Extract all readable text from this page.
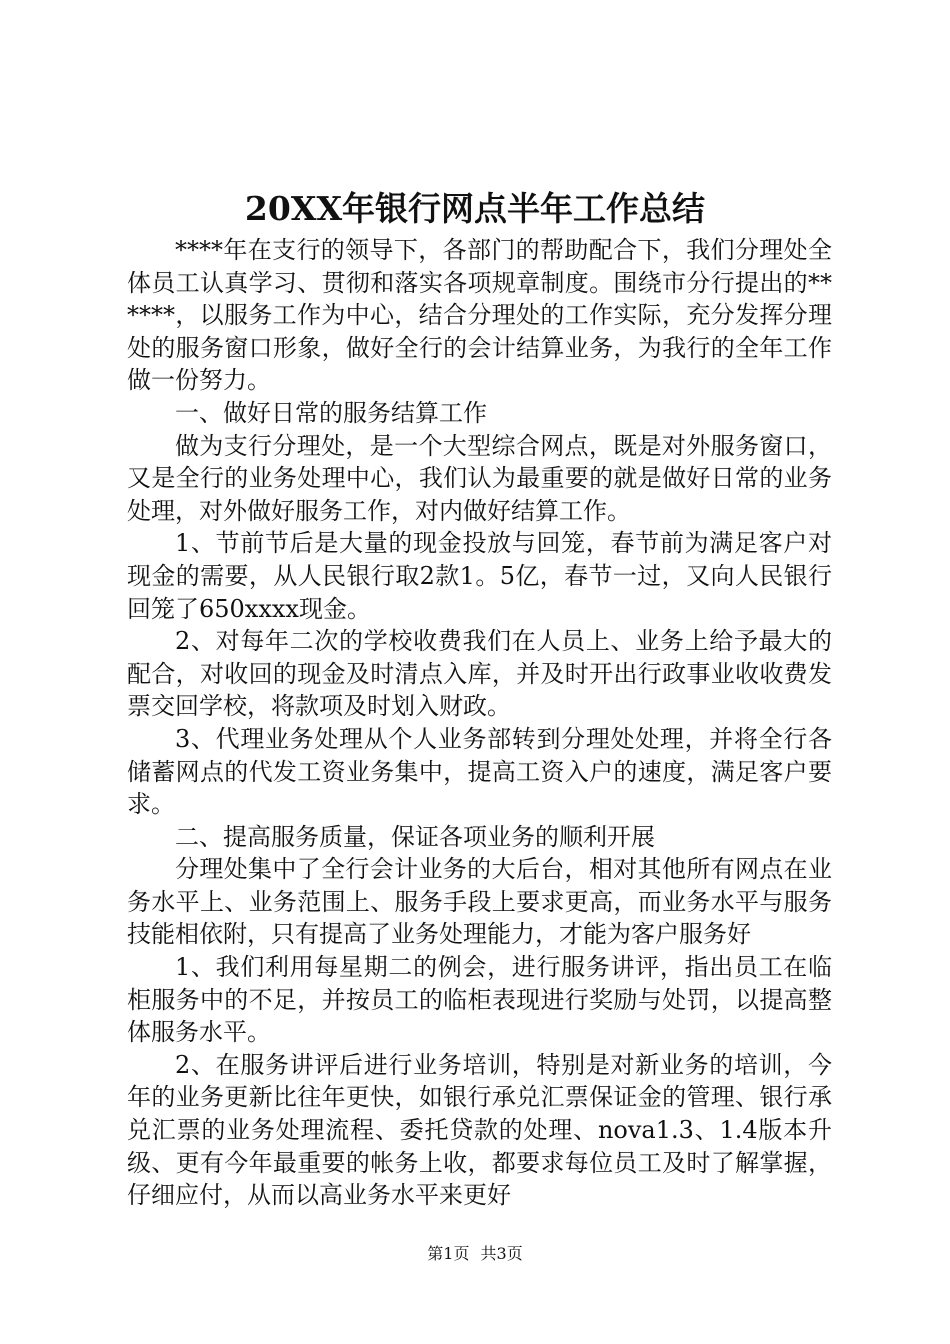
20XX年银行网点半年工作总结

****年在支行的领导下，各部门的帮助配合下，我们分理处全体员工认真学习、贯彻和落实各项规章制度。围绕市分行提出的******，以服务工作为中心，结合分理处的工作实际，充分发挥分理处的服务窗口形象，做好全行的会计结算业务，为我行的全年工作做一份努力。

一、做好日常的服务结算工作

做为支行分理处，是一个大型综合网点，既是对外服务窗口，又是全行的业务处理中心，我们认为最重要的就是做好日常的业务处理，对外做好服务工作，对内做好结算工作。

1、节前节后是大量的现金投放与回笼，春节前为满足客户对现金的需要，从人民银行取2款1。5亿，春节一过，又向人民银行回笼了650xxxx现金。

2、对每年二次的学校收费我们在人员上、业务上给予最大的配合，对收回的现金及时清点入库，并及时开出行政事业收收费发票交回学校，将款项及时划入财政。

3、代理业务处理从个人业务部转到分理处处理，并将全行各储蓄网点的代发工资业务集中，提高工资入户的速度，满足客户要求。

二、提高服务质量，保证各项业务的顺利开展

分理处集中了全行会计业务的大后台，相对其他所有网点在业务水平上、业务范围上、服务手段上要求更高，而业务水平与服务技能相依附，只有提高了业务处理能力，才能为客户服务好

1、我们利用每星期二的例会，进行服务讲评，指出员工在临柜服务中的不足，并按员工的临柜表现进行奖励与处罚，以提高整体服务水平。

2、在服务讲评后进行业务培训，特别是对新业务的培训，今年的业务更新比往年更快，如银行承兑汇票保证金的管理、银行承兑汇票的业务处理流程、委托贷款的处理、nova1.3、1.4版本升级、更有今年最重要的帐务上收，都要求每位员工及时了解掌握，仔细应付，从而以高业务水平来更好

第1页 共3页
